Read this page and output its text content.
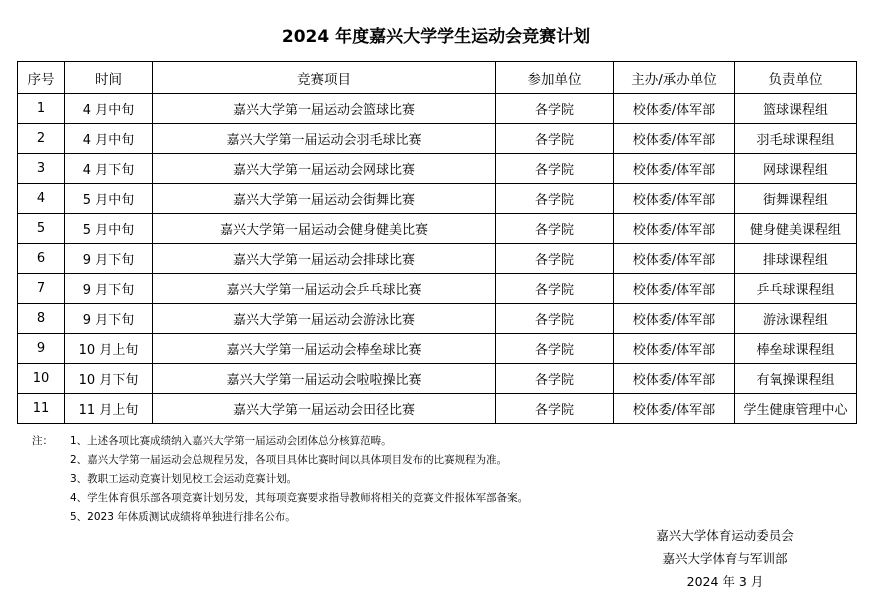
2024 年度嘉兴大学学生运动会竞赛计划
序号	时间	竞赛项目	参加单位	主办/承办单位	负责单位
1	4 月中旬	嘉兴大学第一届运动会篮球比赛	各学院	校体委/体军部	篮球课程组
2	4 月中旬	嘉兴大学第一届运动会羽毛球比赛	各学院	校体委/体军部	羽毛球课程组
3	4 月下旬	嘉兴大学第一届运动会网球比赛	各学院	校体委/体军部	网球课程组
4	5 月中旬	嘉兴大学第一届运动会街舞比赛	各学院	校体委/体军部	街舞课程组
5	5 月中旬	嘉兴大学第一届运动会健身健美比赛	各学院	校体委/体军部	健身健美课程组
6	9 月下旬	嘉兴大学第一届运动会排球比赛	各学院	校体委/体军部	排球课程组
7	9 月下旬	嘉兴大学第一届运动会乒乓球比赛	各学院	校体委/体军部	乒乓球课程组
8	9 月下旬	嘉兴大学第一届运动会游泳比赛	各学院	校体委/体军部	游泳课程组
9	10 月上旬	嘉兴大学第一届运动会棒垒球比赛	各学院	校体委/体军部	棒垒球课程组
10	10 月下旬	嘉兴大学第一届运动会啦啦操比赛	各学院	校体委/体军部	有氧操课程组
11	11 月上旬	嘉兴大学第一届运动会田径比赛	各学院	校体委/体军部	学生健康管理中心
注：	1、上述各项比赛成绩纳入嘉兴大学第一届运动会团体总分核算范畴。
2、嘉兴大学第一届运动会总规程另发，各项目具体比赛时间以具体项目发布的比赛规程为准。
3、教职工运动竞赛计划见校工会运动竞赛计划。
4、学生体育俱乐部各项竞赛计划另发，其每项竞赛要求指导教师将相关的竞赛文件报体军部备案。
5、2023 年体质测试成绩将单独进行排名公布。
嘉兴大学体育运动委员会
嘉兴大学体育与军训部
2024 年 3 月
